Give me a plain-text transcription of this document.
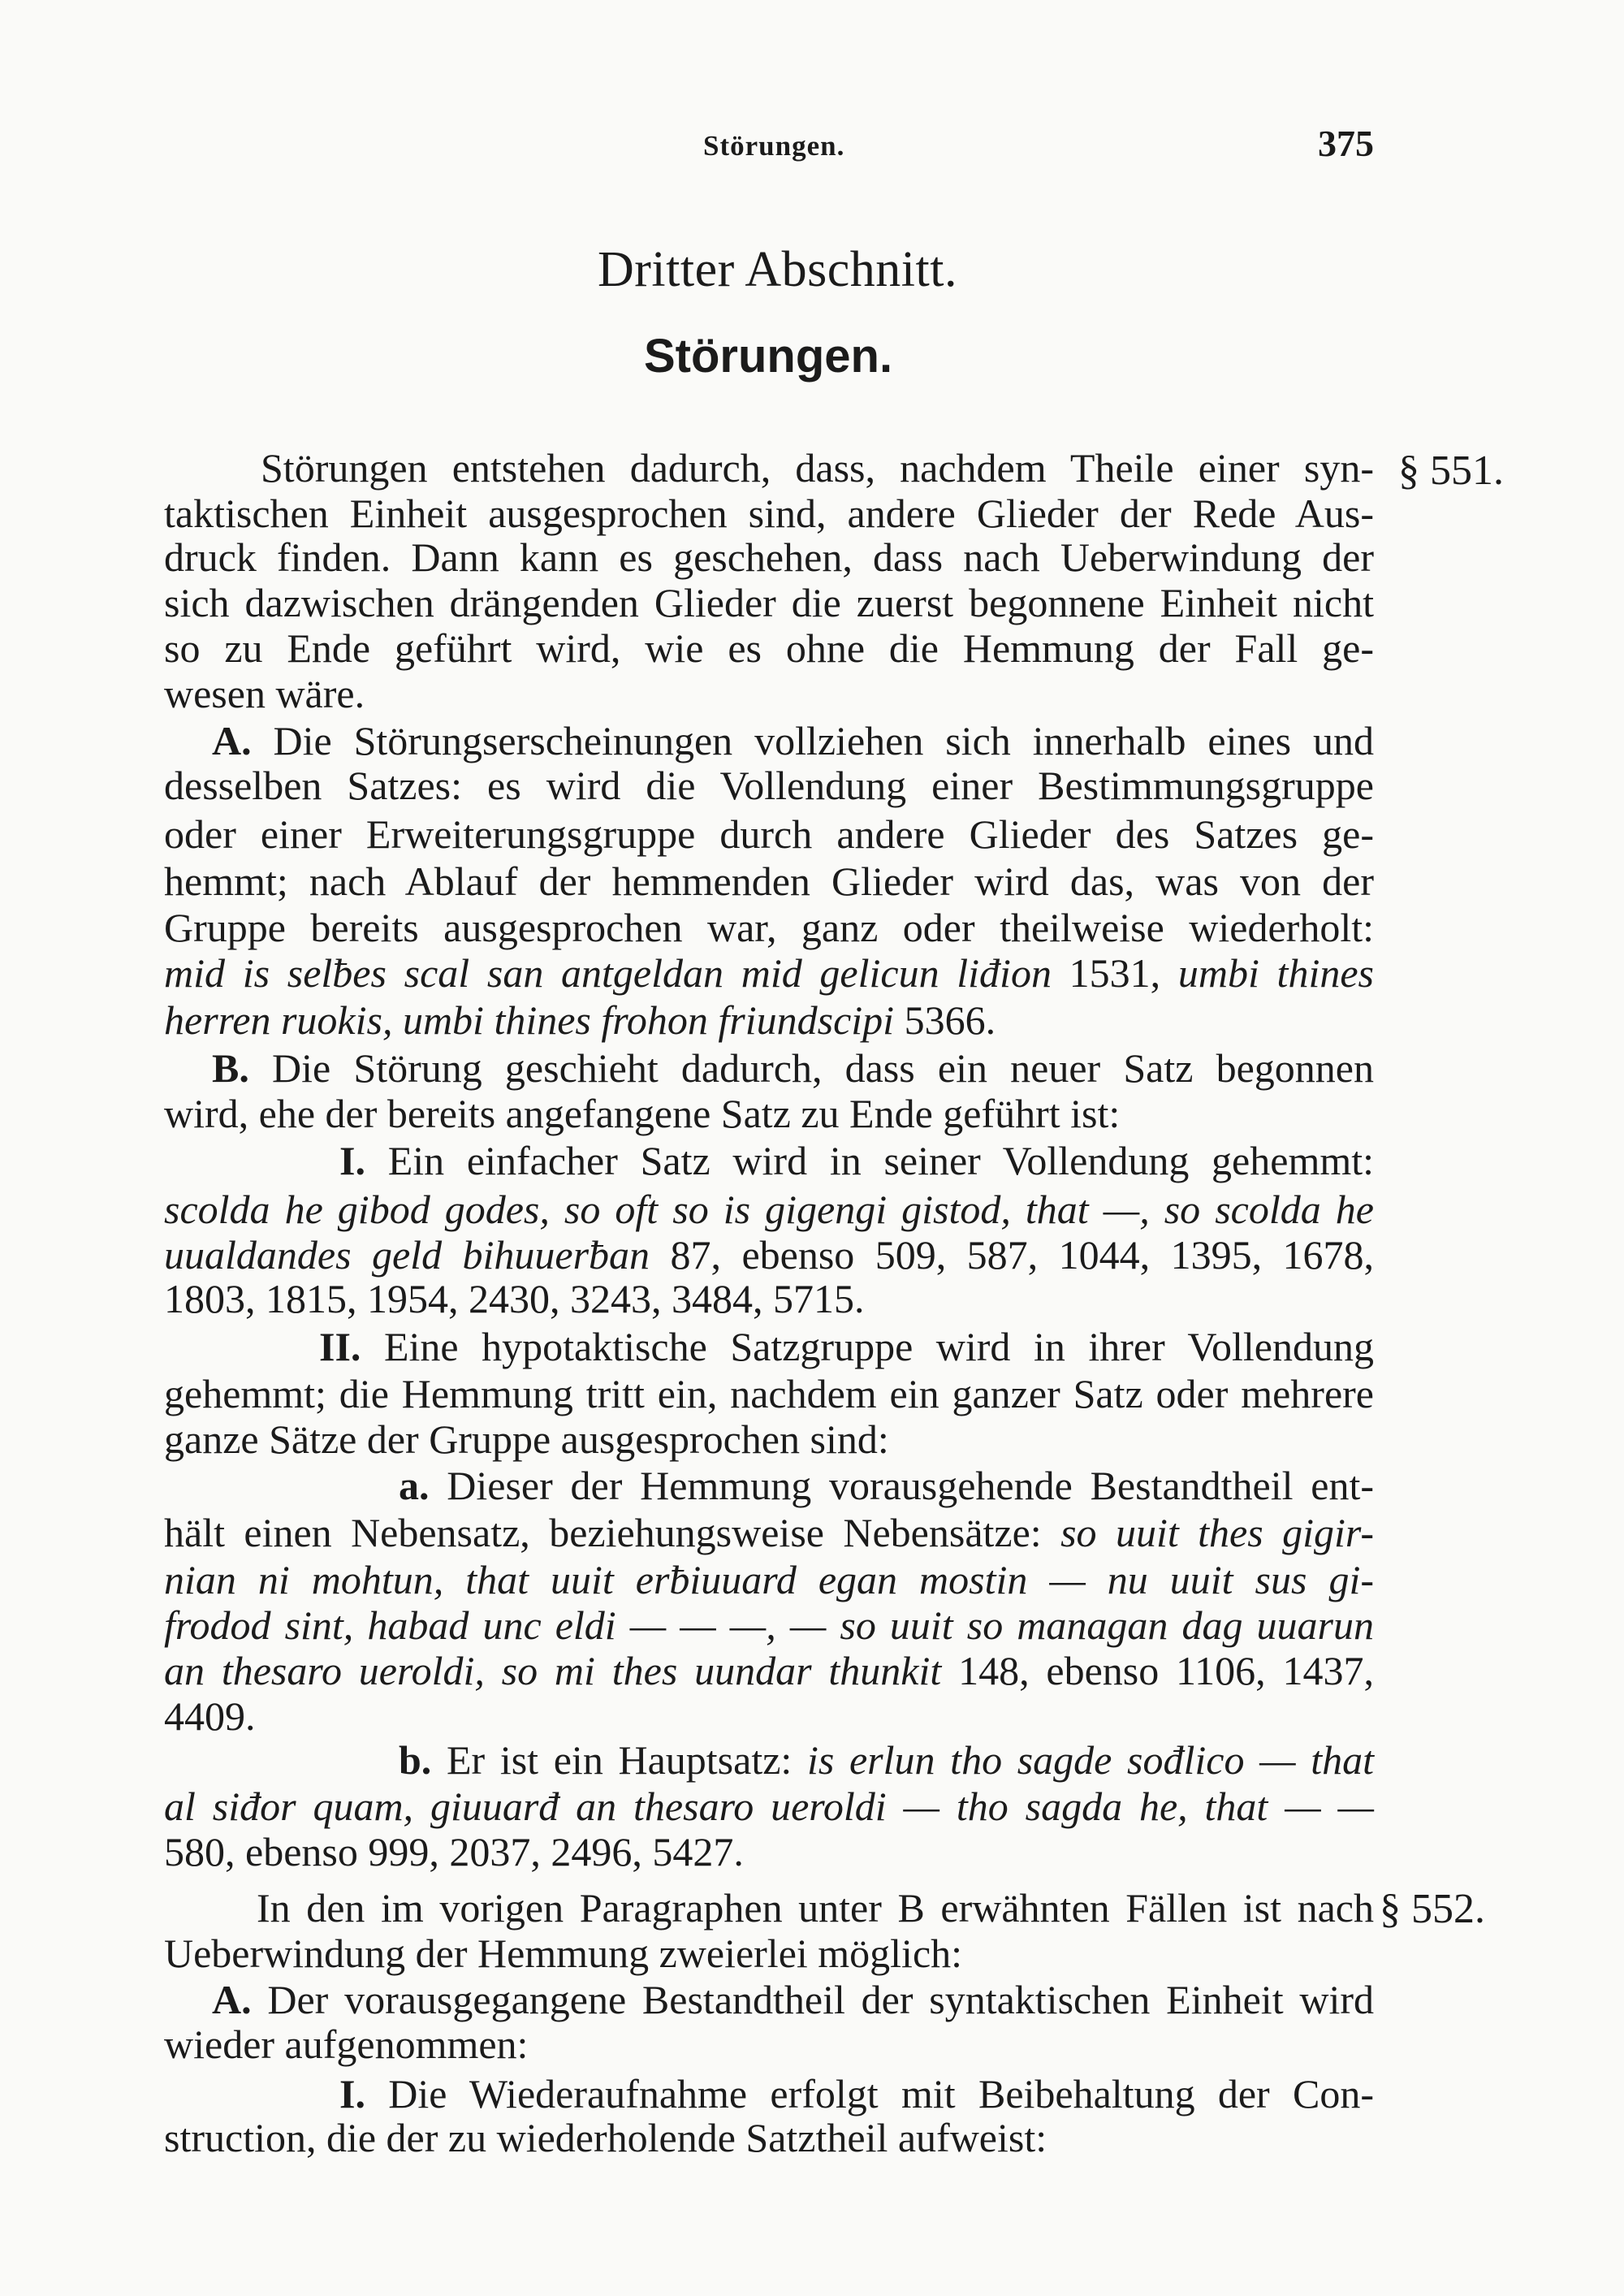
Störungen.	375
Dritter Abschnitt.
Störungen.
§ 551.
§ 552.
Störungen entstehen dadurch, dass, nachdem Theile einer syn-
taktischen Einheit ausgesprochen sind, andere Glieder der Rede Aus-
druck finden. Dann kann es geschehen, dass nach Ueberwindung der
sich dazwischen drängenden Glieder die zuerst begonnene Einheit nicht
so zu Ende geführt wird, wie es ohne die Hemmung der Fall ge-
wesen wäre.
A. Die Störungserscheinungen vollziehen sich innerhalb eines und
desselben Satzes: es wird die Vollendung einer Bestimmungsgruppe
oder einer Erweiterungsgruppe durch andere Glieder des Satzes ge-
hemmt; nach Ablauf der hemmenden Glieder wird das, was von der
Gruppe bereits ausgesprochen war, ganz oder theilweise wiederholt:
mid is selƀes scal san antgeldan mid gelicun liđion 1531, umbi thines
herren ruokis, umbi thines frohon friundscipi 5366.
B. Die Störung geschieht dadurch, dass ein neuer Satz begonnen
wird, ehe der bereits angefangene Satz zu Ende geführt ist:
I. Ein einfacher Satz wird in seiner Vollendung gehemmt:
scolda he gibod godes, so oft so is gigengi gistod, that —, so scolda he
uualdandes geld bihuuerƀan 87, ebenso 509, 587, 1044, 1395, 1678,
1803, 1815, 1954, 2430, 3243, 3484, 5715.
II. Eine hypotaktische Satzgruppe wird in ihrer Vollendung
gehemmt; die Hemmung tritt ein, nachdem ein ganzer Satz oder mehrere
ganze Sätze der Gruppe ausgesprochen sind:
a. Dieser der Hemmung vorausgehende Bestandtheil ent-
hält einen Nebensatz, beziehungsweise Nebensätze: so uuit thes gigir-
nian ni mohtun, that uuit erƀiuuard egan mostin — nu uuit sus gi-
frodod sint, habad unc eldi — — —, — so uuit so managan dag uuarun
an thesaro ueroldi, so mi thes uundar thunkit 148, ebenso 1106, 1437,
4409.
b. Er ist ein Hauptsatz: is erlun tho sagde sođlico — that
al siđor quam, giuuarđ an thesaro ueroldi — tho sagda he, that — —
580, ebenso 999, 2037, 2496, 5427.
In den im vorigen Paragraphen unter B erwähnten Fällen ist nach
Ueberwindung der Hemmung zweierlei möglich:
A. Der vorausgegangene Bestandtheil der syntaktischen Einheit wird
wieder aufgenommen:
I. Die Wiederaufnahme erfolgt mit Beibehaltung der Con-
struction, die der zu wiederholende Satztheil aufweist:
